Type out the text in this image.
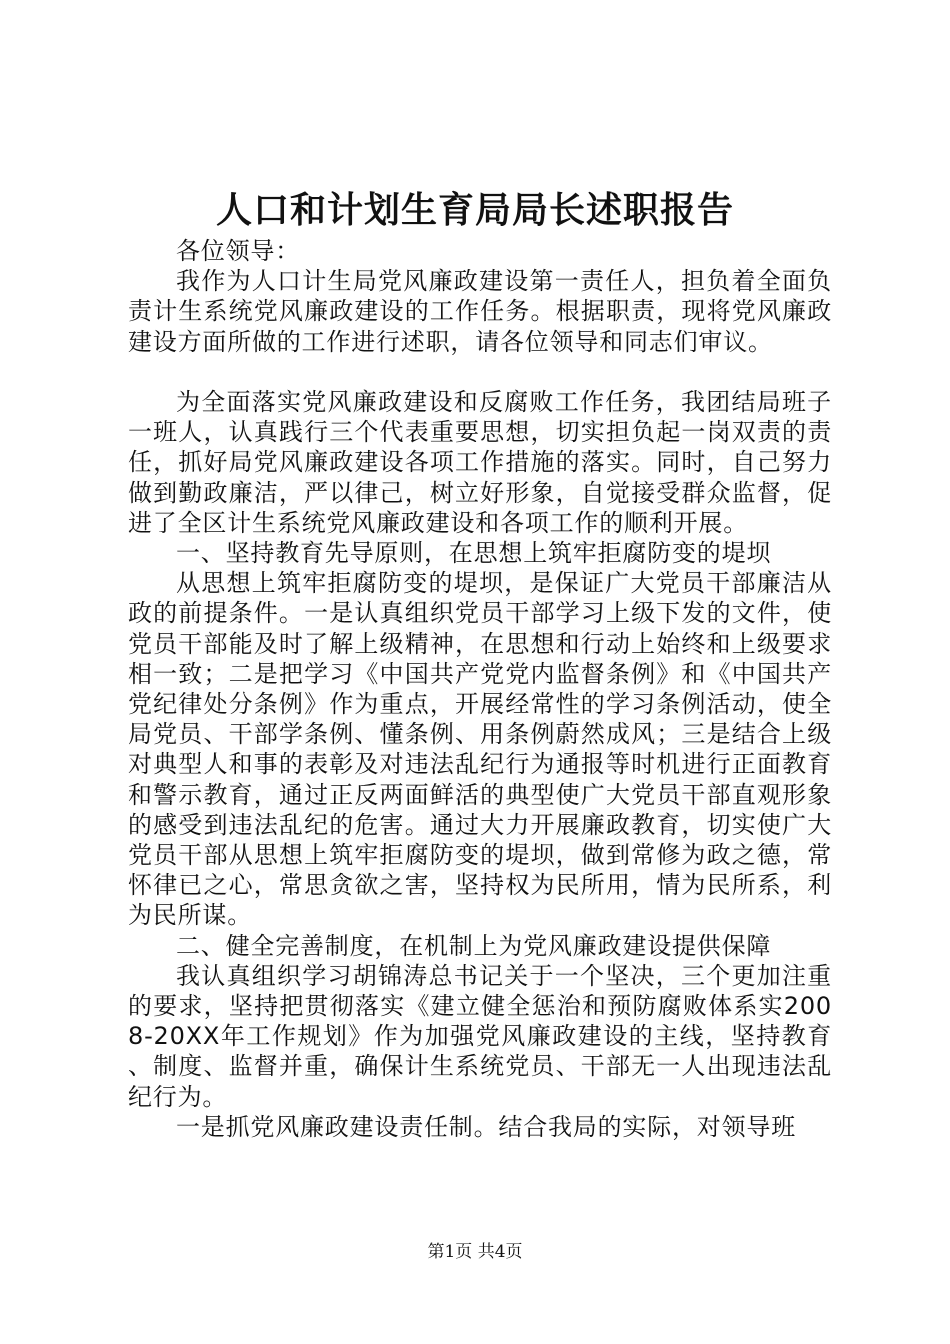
人口和计划生育局局长述职报告

各位领导：

我作为人口计生局党风廉政建设第一责任人，担负着全面负责计生系统党风廉政建设的工作任务。根据职责，现将党风廉政建设方面所做的工作进行述职，请各位领导和同志们审议。

为全面落实党风廉政建设和反腐败工作任务，我团结局班子一班人，认真践行三个代表重要思想，切实担负起一岗双责的责任，抓好局党风廉政建设各项工作措施的落实。同时，自己努力做到勤政廉洁，严以律己，树立好形象，自觉接受群众监督，促进了全区计生系统党风廉政建设和各项工作的顺利开展。

一、坚持教育先导原则，在思想上筑牢拒腐防变的堤坝

从思想上筑牢拒腐防变的堤坝，是保证广大党员干部廉洁从政的前提条件。一是认真组织党员干部学习上级下发的文件，使党员干部能及时了解上级精神，在思想和行动上始终和上级要求相一致；二是把学习《中国共产党党内监督条例》和《中国共产党纪律处分条例》作为重点，开展经常性的学习条例活动，使全局党员、干部学条例、懂条例、用条例蔚然成风；三是结合上级对典型人和事的表彰及对违法乱纪行为通报等时机进行正面教育和警示教育，通过正反两面鲜活的典型使广大党员干部直观形象的感受到违法乱纪的危害。通过大力开展廉政教育，切实使广大党员干部从思想上筑牢拒腐防变的堤坝，做到常修为政之德，常怀律已之心，常思贪欲之害，坚持权为民所用，情为民所系，利为民所谋。

二、健全完善制度，在机制上为党风廉政建设提供保障

我认真组织学习胡锦涛总书记关于一个坚决，三个更加注重的要求，坚持把贯彻落实《建立健全惩治和预防腐败体系实2008-20XX年工作规划》作为加强党风廉政建设的主线，坚持教育、制度、监督并重，确保计生系统党员、干部无一人出现违法乱纪行为。

一是抓党风廉政建设责任制。结合我局的实际，对领导班

第1页 共4页
